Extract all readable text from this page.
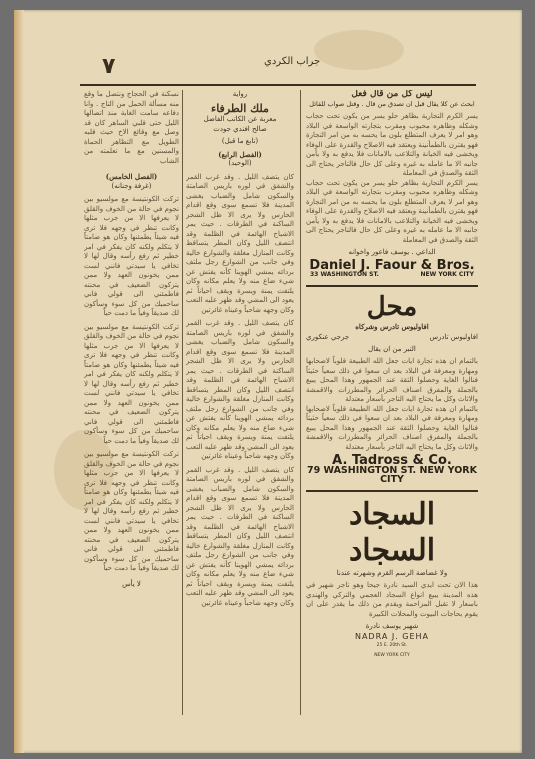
٧	جراب الكردي
نسكنة في الحجاج ونتصل ما وقع منه مسألة الحمل من التاج . وانا دفاعه سامت الغابة منذ اتصالها الليل حتى قلبي الساهر كان قد وصل مع وقائع الاخ حيث قلبه الطويل مع التظاهر الحماة والمسنين مع ما تعلمته من الشاب
(الفصل الخامس)
(غرفة وجنانه)
تركت الكونتيسة مع مولسيو بين نجوم في حالة من الخوف والقلق لا يعرفها الا من جرب مثلها وكانت تنظر في وجهه فلا ترى فيه شيئاً يطمئنها وكان هو صامتاً لا يتكلم ولكنه كان يفكر في امر خطير ثم رفع رأسه وقال لها لا تخافي يا سيدتي فانني لست ممن يخونون العهد ولا ممن يتركون الضعيف في محنته فاطمئني الى قولي فاني ساحميك من كل سوء وسأكون لك صديقاً وفياً ما دمت حياً
تركت الكونتيسة مع مولسيو بين نجوم في حالة من الخوف والقلق لا يعرفها الا من جرب مثلها وكانت تنظر في وجهه فلا ترى فيه شيئاً يطمئنها وكان هو صامتاً لا يتكلم ولكنه كان يفكر في امر خطير ثم رفع رأسه وقال لها لا تخافي يا سيدتي فانني لست ممن يخونون العهد ولا ممن يتركون الضعيف في محنته فاطمئني الى قولي فاني ساحميك من كل سوء وسأكون لك صديقاً وفياً ما دمت حياً
تركت الكونتيسة مع مولسيو بين نجوم في حالة من الخوف والقلق لا يعرفها الا من جرب مثلها وكانت تنظر في وجهه فلا ترى فيه شيئاً يطمئنها وكان هو صامتاً لا يتكلم ولكنه كان يفكر في امر خطير ثم رفع رأسه وقال لها لا تخافي يا سيدتي فانني لست ممن يخونون العهد ولا ممن يتركون الضعيف في محنته فاطمئني الى قولي فاني ساحميك من كل سوء وسأكون لك صديقاً وفياً ما دمت حياً
لا يأس
رواية
ملك الطرفاء
معربة عن الكاتب الفاضل
صالح افندي جودت
(تابع ما قبل)
(الفصل الرابع)
(الوحيد)
كان يتصف الليل . وقد غرب القمر والشفق في لوره باريس الصامتة والسكون شامل والضباب يغشى المدينة فلا تسمع سوى وقع اقدام الحارس ولا يرى الا ظل الشجر الساكنة في الطرقات . حيث يمر الاشباح الهائمة في الظلمة وقد انتصف الليل وكان المطر يتساقط وكانت المنازل مغلقة والشوارع خالية وفي جانب من الشوارع رجل ملتف بردائه يمشي الهوينا كأنه يفتش عن شيء ضاع منه ولا يعلم مكانه وكان يلتفت يمنة ويسرة ويقف احياناً ثم يعود الى المشي وقد ظهر عليه التعب وكان وجهه شاحباً وعيناه غائرتين
كان يتصف الليل . وقد غرب القمر والشفق في لوره باريس الصامتة والسكون شامل والضباب يغشى المدينة فلا تسمع سوى وقع اقدام الحارس ولا يرى الا ظل الشجر الساكنة في الطرقات . حيث يمر الاشباح الهائمة في الظلمة وقد انتصف الليل وكان المطر يتساقط وكانت المنازل مغلقة والشوارع خالية وفي جانب من الشوارع رجل ملتف بردائه يمشي الهوينا كأنه يفتش عن شيء ضاع منه ولا يعلم مكانه وكان يلتفت يمنة ويسرة ويقف احياناً ثم يعود الى المشي وقد ظهر عليه التعب وكان وجهه شاحباً وعيناه غائرتين
كان يتصف الليل . وقد غرب القمر والشفق في لوره باريس الصامتة والسكون شامل والضباب يغشى المدينة فلا تسمع سوى وقع اقدام الحارس ولا يرى الا ظل الشجر الساكنة في الطرقات . حيث يمر الاشباح الهائمة في الظلمة وقد انتصف الليل وكان المطر يتساقط وكانت المنازل مغلقة والشوارع خالية وفي جانب من الشوارع رجل ملتف بردائه يمشي الهوينا كأنه يفتش عن شيء ضاع منه ولا يعلم مكانه وكان يلتفت يمنة ويسرة ويقف احياناً ثم يعود الى المشي وقد ظهر عليه التعب وكان وجهه شاحباً وعيناه غائرتين
ليس كل من قال فعل
ابحث عن كلا يقال قبل ان تصدق من قال . وقتل صواب للقائل
يسر الكرم التجارية بظاهر حلو يسر من يكون تحت حجاب وشكله وظاهره محبوب ومقرب بتجارته الواسعة في البلاد وهو امر لا يعرف المتطلع بلون ما يحسه به من امر التجارة فهو يقترن بالطمأنينة ويعتقد فيه الاصلاح والقدرة على الوفاء ويخشى فيه الخيانة والتلاعب بالامانات فلا يدفع به ولا يأمن جانبه الا ما عامله به غيره وعلى كل حال فالتاجر يحتاج الى الثقة والصدق في المعاملة
يسر الكرم التجارية بظاهر حلو يسر من يكون تحت حجاب وشكله وظاهره محبوب ومقرب بتجارته الواسعة في البلاد وهو امر لا يعرف المتطلع بلون ما يحسه به من امر التجارة فهو يقترن بالطمأنينة ويعتقد فيه الاصلاح والقدرة على الوفاء ويخشى فيه الخيانة والتلاعب بالامانات فلا يدفع به ولا يأمن جانبه الا ما عامله به غيره وعلى كل حال فالتاجر يحتاج الى الثقة والصدق في المعاملة
الداعي . يوسف فاعور واخوانه
Daniel J. Faour & Bros.
33 WASHINGTON ST.	NEW YORK CITY
محل
افاوليوس تادرس وشركاه
افاوليوس تادرس
جرجي عنكوري
التبر من ان يقال
بالتمام ان هذه تجارة ايات جعل الله الطبيعة قلوباً لاصحابها ومهارة ومعرفة في البلاد بعد ان سعوا في ذلك سعياً حثيثاً فنالوا الغاية وحصلوا الثقة عند الجمهور وهذا المحل يبيع بالجملة والمفرق اصناف الحرائر والمطرزات والاقمشة والاثاث وكل ما يحتاج اليه التاجر بأسعار معتدلة
بالتمام ان هذه تجارة ايات جعل الله الطبيعة قلوباً لاصحابها ومهارة ومعرفة في البلاد بعد ان سعوا في ذلك سعياً حثيثاً فنالوا الغاية وحصلوا الثقة عند الجمهور وهذا المحل يبيع بالجملة والمفرق اصناف الحرائر والمطرزات والاقمشة والاثاث وكل ما يحتاج اليه التاجر بأسعار معتدلة
A. Tadross & Co.
79 WASHINGTON ST. NEW YORK CITY
السجاد السجاد
ولا غضاضة الرسم القزم وشهرته عندنا
هذا الان تحت ايدي السيد نادرة جيحا وهو تاجر شهير في هذه المدينة يبيع انواع السجاد العجمي والتركي والهندي باسعار لا تقبل المزاحمة ويقدم من ذلك ما يقدر على ان يقوم بحاجات البيوت والمحلات الكبيرة
شهير يوسف نادرة
NADRA J. GEHA
25 E. 20th St.
NEW YORK CITY
